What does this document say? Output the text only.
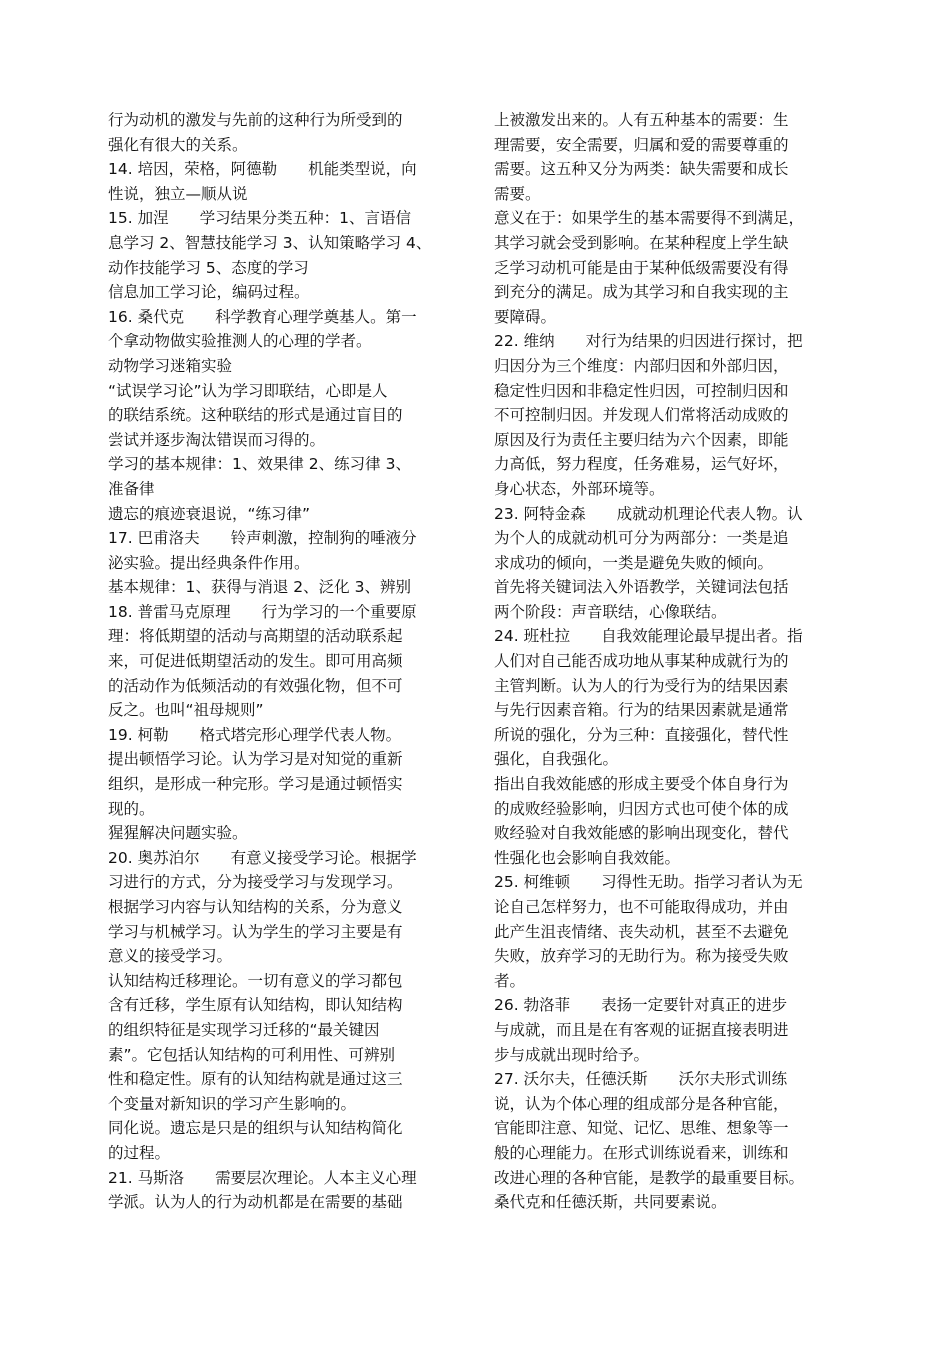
行为动机的激发与先前的这种行为所受到的
强化有很大的关系。
14. 培因，荣格，阿德勒　　机能类型说，向
性说，独立—顺从说
15. 加涅　　学习结果分类五种：1、言语信
息学习 2、智慧技能学习 3、认知策略学习 4、
动作技能学习 5、态度的学习
信息加工学习论，编码过程。
16. 桑代克　　科学教育心理学奠基人。第一
个拿动物做实验推测人的心理的学者。
动物学习迷箱实验
“试误学习论”认为学习即联结，心即是人
的联结系统。这种联结的形式是通过盲目的
尝试并逐步淘汰错误而习得的。
学习的基本规律：1、效果律 2、练习律 3、
准备律
遗忘的痕迹衰退说，“练习律”
17. 巴甫洛夫　　铃声刺激，控制狗的唾液分
泌实验。提出经典条件作用。
基本规律：1、获得与消退 2、泛化 3、辨别
18. 普雷马克原理　　行为学习的一个重要原
理：将低期望的活动与高期望的活动联系起
来，可促进低期望活动的发生。即可用高频
的活动作为低频活动的有效强化物，但不可
反之。也叫“祖母规则”
19. 柯勒　　格式塔完形心理学代表人物。
提出顿悟学习论。认为学习是对知觉的重新
组织，是形成一种完形。学习是通过顿悟实
现的。
猩猩解决问题实验。
20. 奥苏泊尔　　有意义接受学习论。根据学
习进行的方式，分为接受学习与发现学习。
根据学习内容与认知结构的关系，分为意义
学习与机械学习。认为学生的学习主要是有
意义的接受学习。
认知结构迁移理论。一切有意义的学习都包
含有迁移，学生原有认知结构，即认知结构
的组织特征是实现学习迁移的“最关键因
素”。它包括认知结构的可利用性、可辨别
性和稳定性。原有的认知结构就是通过这三
个变量对新知识的学习产生影响的。
同化说。遗忘是只是的组织与认知结构简化
的过程。
21. 马斯洛　　需要层次理论。人本主义心理
学派。认为人的行为动机都是在需要的基础
上被激发出来的。人有五种基本的需要：生
理需要，安全需要，归属和爱的需要尊重的
需要。这五种又分为两类：缺失需要和成长
需要。
意义在于：如果学生的基本需要得不到满足，
其学习就会受到影响。在某种程度上学生缺
乏学习动机可能是由于某种低级需要没有得
到充分的满足。成为其学习和自我实现的主
要障碍。
22. 维纳　　对行为结果的归因进行探讨，把
归因分为三个维度：内部归因和外部归因，
稳定性归因和非稳定性归因，可控制归因和
不可控制归因。并发现人们常将活动成败的
原因及行为责任主要归结为六个因素，即能
力高低，努力程度，任务难易，运气好坏，
身心状态，外部环境等。
23. 阿特金森　　成就动机理论代表人物。认
为个人的成就动机可分为两部分：一类是追
求成功的倾向，一类是避免失败的倾向。
首先将关键词法入外语教学，关键词法包括
两个阶段：声音联结，心像联结。
24. 班杜拉　　自我效能理论最早提出者。指
人们对自己能否成功地从事某种成就行为的
主管判断。认为人的行为受行为的结果因素
与先行因素音箱。行为的结果因素就是通常
所说的强化，分为三种：直接强化，替代性
强化，自我强化。
指出自我效能感的形成主要受个体自身行为
的成败经验影响，归因方式也可使个体的成
败经验对自我效能感的影响出现变化，替代
性强化也会影响自我效能。
25. 柯维顿　　习得性无助。指学习者认为无
论自己怎样努力，也不可能取得成功，并由
此产生沮丧情绪、丧失动机，甚至不去避免
失败，放弃学习的无助行为。称为接受失败
者。
26. 勃洛菲　　表扬一定要针对真正的进步
与成就，而且是在有客观的证据直接表明进
步与成就出现时给予。
27. 沃尔夫，任德沃斯　　沃尔夫形式训练
说，认为个体心理的组成部分是各种官能，
官能即注意、知觉、记忆、思维、想象等一
般的心理能力。在形式训练说看来，训练和
改进心理的各种官能，是教学的最重要目标。
桑代克和任德沃斯，共同要素说。
